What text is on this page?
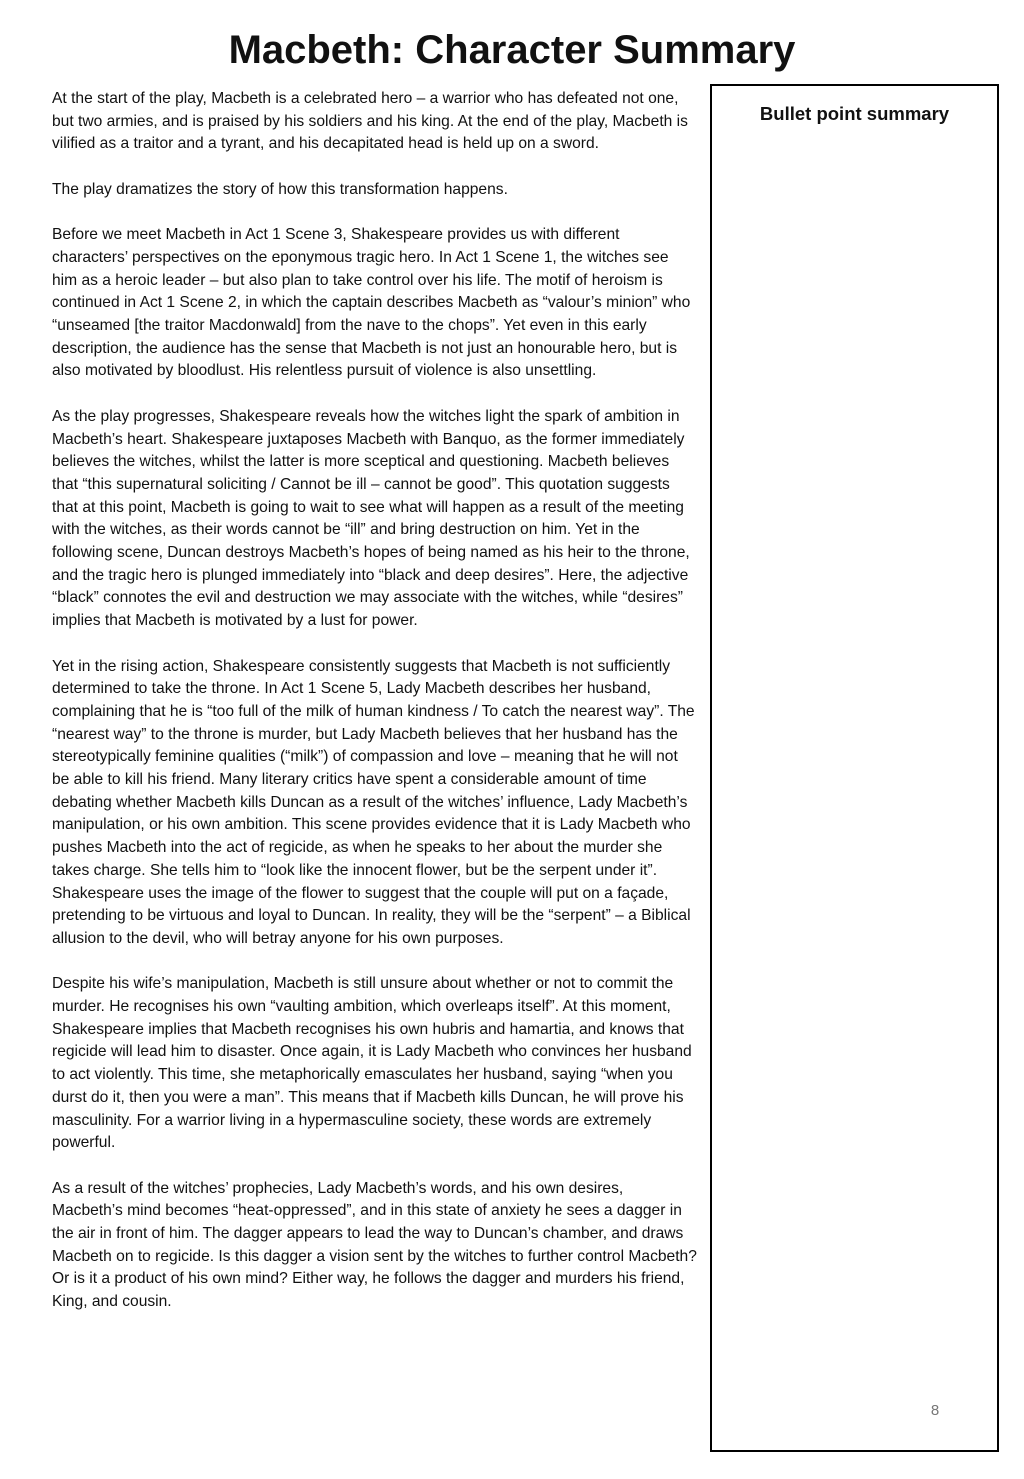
Macbeth: Character Summary

At the start of the play, Macbeth is a celebrated hero – a warrior who has defeated not one, but two armies, and is praised by his soldiers and his king. At the end of the play, Macbeth is vilified as a traitor and a tyrant, and his decapitated head is held up on a sword.

The play dramatizes the story of how this transformation happens.

Before we meet Macbeth in Act 1 Scene 3, Shakespeare provides us with different characters’ perspectives on the eponymous tragic hero. In Act 1 Scene 1, the witches see him as a heroic leader – but also plan to take control over his life. The motif of heroism is continued in Act 1 Scene 2, in which the captain describes Macbeth as “valour’s minion” who “unseamed [the traitor Macdonwald] from the nave to the chops”. Yet even in this early description, the audience has the sense that Macbeth is not just an honourable hero, but is also motivated by bloodlust. His relentless pursuit of violence is also unsettling.

As the play progresses, Shakespeare reveals how the witches light the spark of ambition in Macbeth’s heart. Shakespeare juxtaposes Macbeth with Banquo, as the former immediately believes the witches, whilst the latter is more sceptical and questioning. Macbeth believes that “this supernatural soliciting / Cannot be ill – cannot be good”. This quotation suggests that at this point, Macbeth is going to wait to see what will happen as a result of the meeting with the witches, as their words cannot be “ill” and bring destruction on him. Yet in the following scene, Duncan destroys Macbeth’s hopes of being named as his heir to the throne, and the tragic hero is plunged immediately into “black and deep desires”. Here, the adjective “black” connotes the evil and destruction we may associate with the witches, while “desires” implies that Macbeth is motivated by a lust for power.

Yet in the rising action, Shakespeare consistently suggests that Macbeth is not sufficiently determined to take the throne. In Act 1 Scene 5, Lady Macbeth describes her husband, complaining that he is “too full of the milk of human kindness / To catch the nearest way”. The “nearest way” to the throne is murder, but Lady Macbeth believes that her husband has the stereotypically feminine qualities (“milk”) of compassion and love – meaning that he will not be able to kill his friend. Many literary critics have spent a considerable amount of time debating whether Macbeth kills Duncan as a result of the witches’ influence, Lady Macbeth’s manipulation, or his own ambition. This scene provides evidence that it is Lady Macbeth who pushes Macbeth into the act of regicide, as when he speaks to her about the murder she takes charge. She tells him to “look like the innocent flower, but be the serpent under it”. Shakespeare uses the image of the flower to suggest that the couple will put on a façade, pretending to be virtuous and loyal to Duncan. In reality, they will be the “serpent” – a Biblical allusion to the devil, who will betray anyone for his own purposes.

Despite his wife’s manipulation, Macbeth is still unsure about whether or not to commit the murder. He recognises his own “vaulting ambition, which overleaps itself”. At this moment, Shakespeare implies that Macbeth recognises his own hubris and hamartia, and knows that regicide will lead him to disaster. Once again, it is Lady Macbeth who convinces her husband to act violently. This time, she metaphorically emasculates her husband, saying “when you durst do it, then you were a man”. This means that if Macbeth kills Duncan, he will prove his masculinity. For a warrior living in a hypermasculine society, these words are extremely powerful.

As a result of the witches’ prophecies, Lady Macbeth’s words, and his own desires, Macbeth’s mind becomes “heat-oppressed”, and in this state of anxiety he sees a dagger in the air in front of him. The dagger appears to lead the way to Duncan’s chamber, and draws Macbeth on to regicide. Is this dagger a vision sent by the witches to further control Macbeth? Or is it a product of his own mind? Either way, he follows the dagger and murders his friend, King, and cousin.

Bullet point summary
8
